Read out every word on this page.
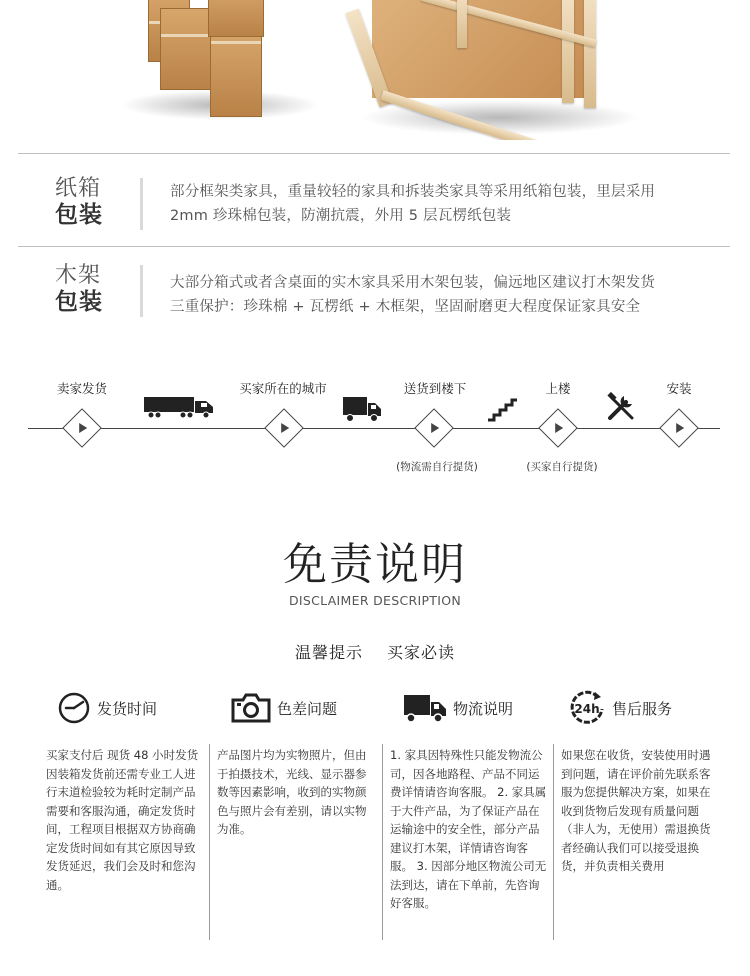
纸箱
包装
部分框架类家具，重量较轻的家具和拆装类家具等采用纸箱包装，里层采用
2mm 珍珠棉包装，防潮抗震，外用 5 层瓦楞纸包装
木架
包装
大部分箱式或者含桌面的实木家具采用木架包装，偏远地区建议打木架发货
三重保护：珍珠棉 + 瓦楞纸 + 木框架，坚固耐磨更大程度保证家具安全
卖家发货	买家所在的城市	送货到楼下	上楼	安装
(物流需自行提货)	(买家自行提货)
免责说明
DISCLAIMER DESCRIPTION
温馨提示 买家必读
发货时间	色差问题	物流说明	24h 售后服务
买家支付后 现货 48 小时发货 因装箱发货前还需专业工人进行末道检验较为耗时定制产品需要和客服沟通，确定发货时间，工程项目根据双方协商确定发货时间如有其它原因导致发货延迟，我们会及时和您沟通。
产品图片均为实物照片，但由于拍摄技术，光线、显示器参数等因素影响，收到的实物颜色与照片会有差别，请以实物为准。
1. 家具因特殊性只能发物流公司，因各地路程、产品不同运费详情请咨询客服。 2. 家具属于大件产品，为了保证产品在运输途中的安全性，部分产品建议打木架，详情请咨询客服。 3. 因部分地区物流公司无法到达，请在下单前，先咨询好客服。
如果您在收货，安装使用时遇到问题，请在评价前先联系客服为您提供解决方案，如果在收到货物后发现有质量问题（非人为，无使用）需退换货者经确认我们可以接受退换货，并负责相关费用
